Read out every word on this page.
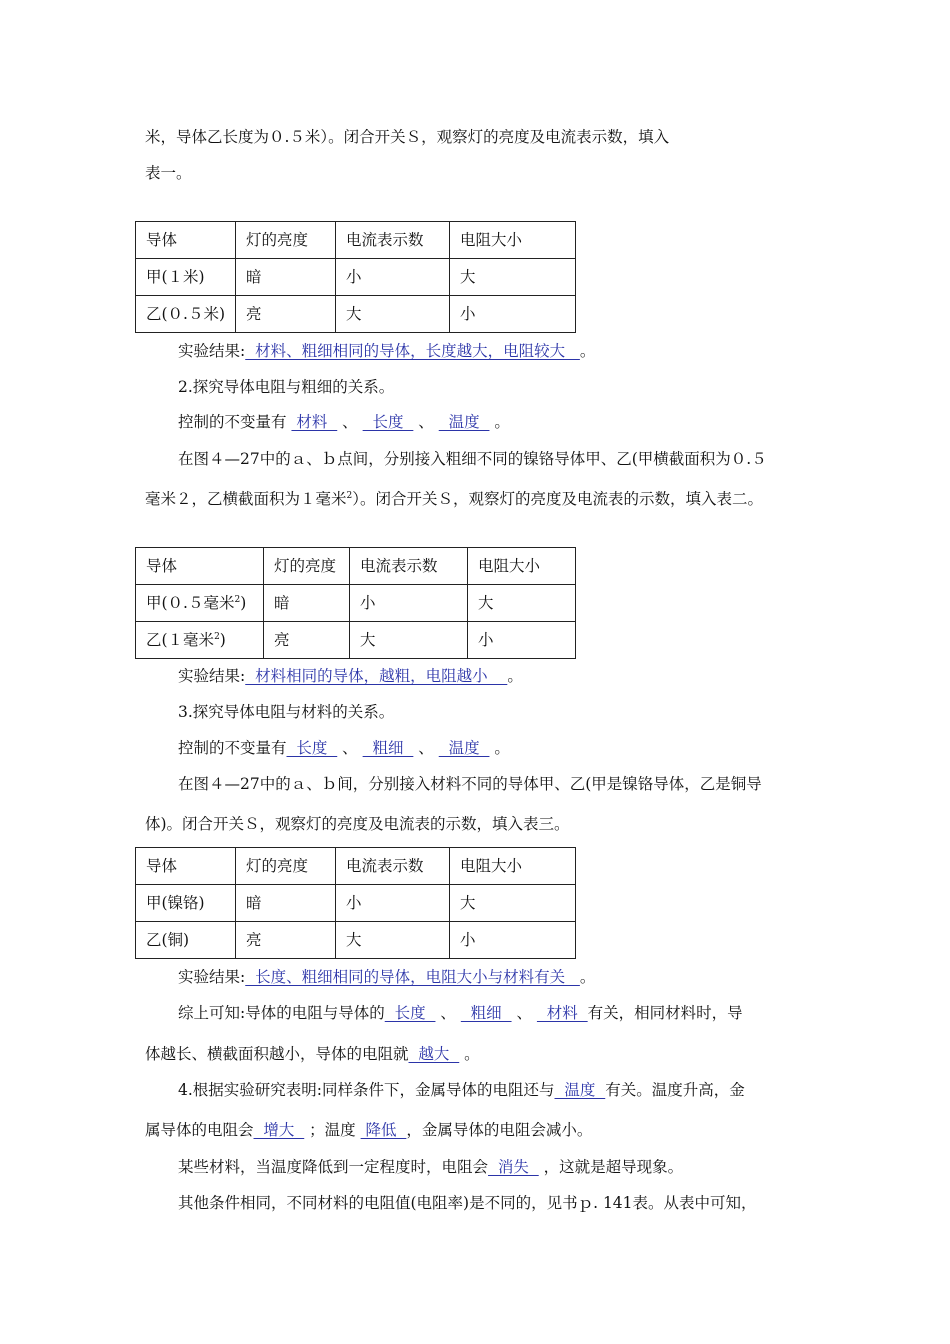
米，导体乙长度为０.５米）。闭合开关Ｓ，观察灯的亮度及电流表示数，填入
表一。
导体	灯的亮度	电流表示数	电阻大小
甲(１米)	暗	小	大
乙(０.５米)	亮	大	小
实验结果:  材料、粗细相同的导体，长度越大，电阻较大   。
2.探究导体电阻与粗细的关系。
控制的不变量有  材料   、   长度   、   温度   。
在图４—27中的ａ、ｂ点间，分别接入粗细不同的镍铬导体甲、乙(甲横截面积为０.５
毫米２，乙横截面积为１毫米$^2$）。闭合开关Ｓ，观察灯的亮度及电流表的示数，填入表二。
导体	灯的亮度	电流表示数	电阻大小
甲(０.５毫米$^2$)	暗	小	大
乙(１毫米$^2$)	亮	大	小
实验结果:  材料相同的导体，越粗，电阻越小    。
3.探究导体电阻与材料的关系。
控制的不变量有  长度   、   粗细   、   温度   。
在图４—27中的ａ、ｂ间，分别接入材料不同的导体甲、乙(甲是镍铬导体，乙是铜导
体)。闭合开关Ｓ，观察灯的亮度及电流表的示数，填入表三。
导体	灯的亮度	电流表示数	电阻大小
甲(镍铬)	暗	小	大
乙(铜)	亮	大	小
实验结果:  长度、粗细相同的导体，电阻大小与材料有关   。
综上可知:导体的电阻与导体的  长度   、   粗细   、   材料  有关，相同材料时，导
体越长、横截面积越小，导体的电阻就  越大   。
4.根据实验研究表明:同样条件下，金属导体的电阻还与  温度  有关。温度升高，金
属导体的电阻会  增大   ；温度  降低  ，金属导体的电阻会减小。
某些材料，当温度降低到一定程度时，电阻会  消失   ，这就是超导现象。
其他条件相同，不同材料的电阻值(电阻率)是不同的，见书ｐ. 141表。从表中可知，
